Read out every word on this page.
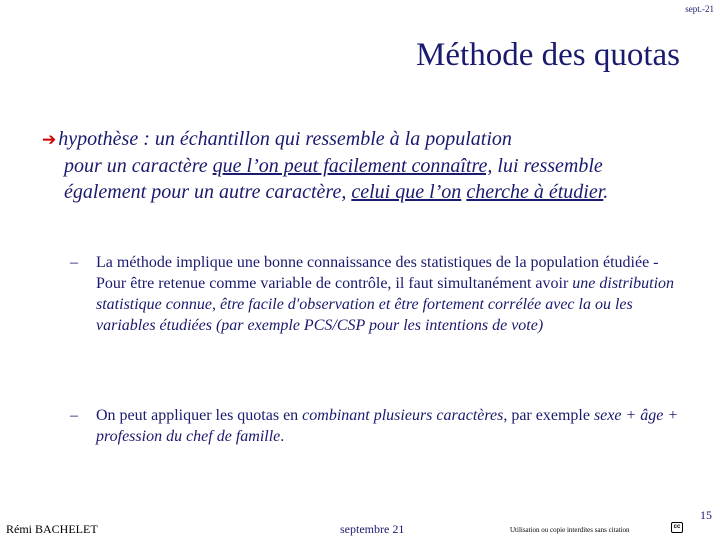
sept.-21
Méthode des quotas
➔ hypothèse : un échantillon qui ressemble à la population
pour un caractère que l’on peut facilement connaître, lui ressemble également pour un autre caractère, celui que l’on cherche à étudier.
– La méthode implique une bonne connaissance des statistiques de la population étudiée - Pour être retenue comme variable de contrôle, il faut simultanément avoir une distribution statistique connue, être facile d'observation et être fortement corrélée avec la ou les variables étudiées (par exemple PCS/CSP pour les intentions de vote)
– On peut appliquer les quotas en combinant plusieurs caractères, par exemple sexe + âge + profession du chef de famille.
15
Rémi BACHELET	septembre 21	Utilisation ou copie interdites sans citation	cc
